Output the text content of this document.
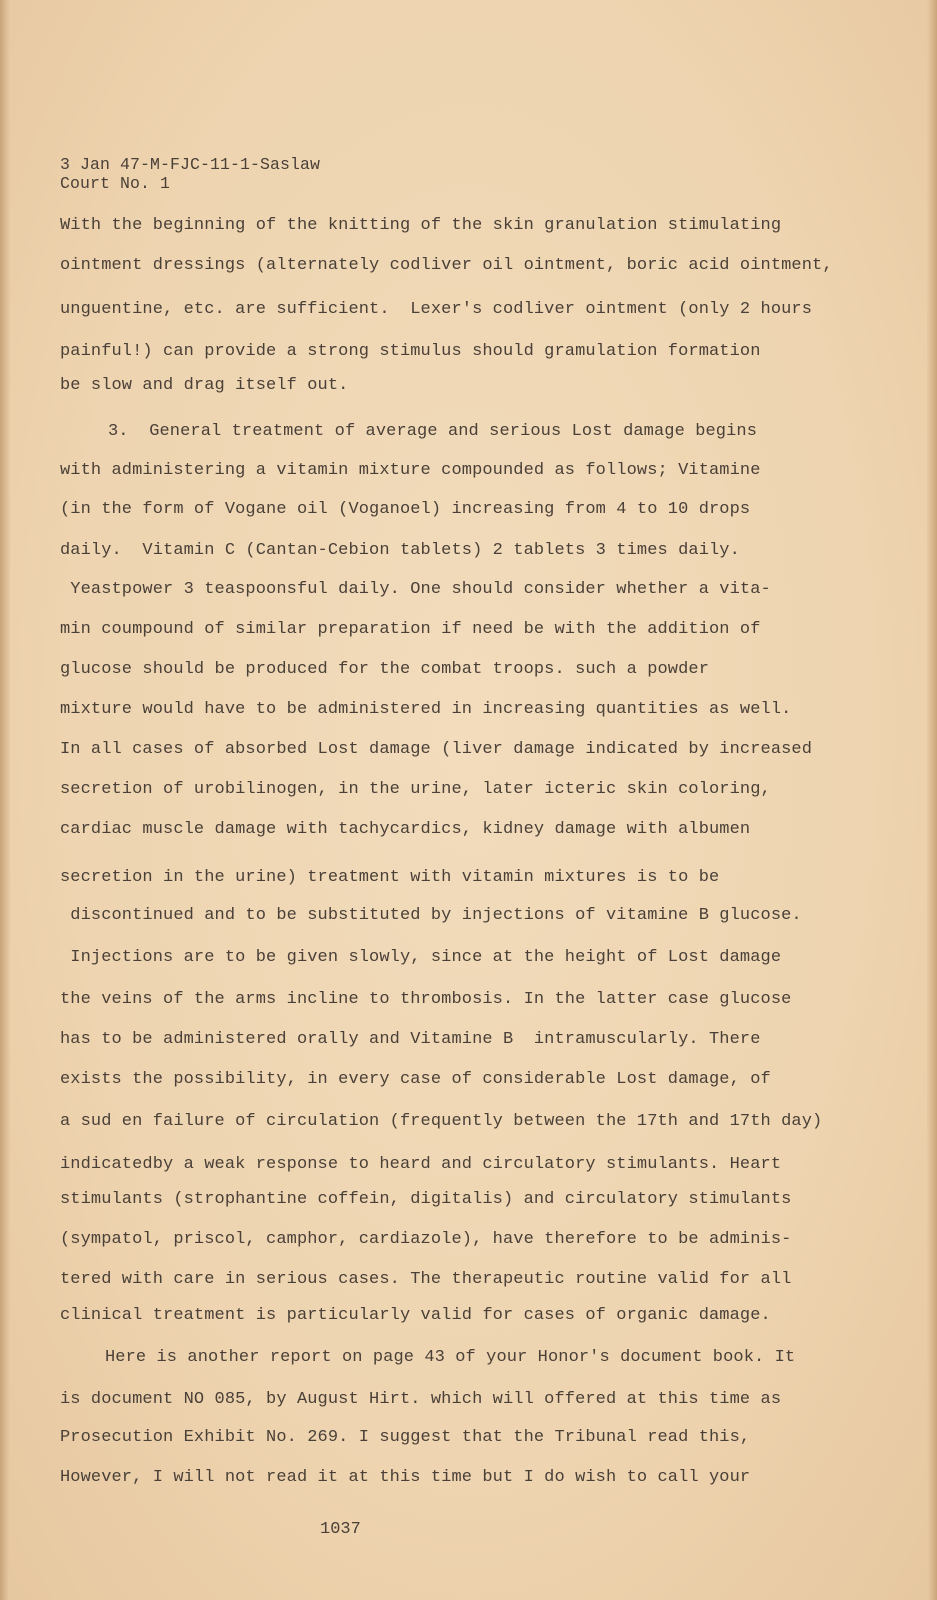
3 Jan 47-M-FJC-11-1-Saslaw
Court No. 1
With the beginning of the knitting of the skin granulation stimulating
ointment dressings (alternately codliver oil ointment, boric acid ointment,
unguentine, etc. are sufficient.  Lexer's codliver ointment (only 2 hours
painful!) can provide a strong stimulus should gramulation formation
be slow and drag itself out.
3.  General treatment of average and serious Lost damage begins
with administering a vitamin mixture compounded as follows; Vitamine
(in the form of Vogane oil (Voganoel) increasing from 4 to 10 drops
daily.  Vitamin C (Cantan-Cebion tablets) 2 tablets 3 times daily.
Yeastpower 3 teaspoonsful daily. One should consider whether a vita-
min coumpound of similar preparation if need be with the addition of
glucose should be produced for the combat troops. such a powder
mixture would have to be administered in increasing quantities as well.
In all cases of absorbed Lost damage (liver damage indicated by increased
secretion of urobilinogen, in the urine, later icteric skin coloring,
cardiac muscle damage with tachycardics, kidney damage with albumen
secretion in the urine) treatment with vitamin mixtures is to be
discontinued and to be substituted by injections of vitamine B glucose.
Injections are to be given slowly, since at the height of Lost damage
the veins of the arms incline to thrombosis. In the latter case glucose
has to be administered orally and Vitamine B  intramuscularly. There
exists the possibility, in every case of considerable Lost damage, of
a sud en failure of circulation (frequently between the 17th and 17th day)
indicatedby a weak response to heard and circulatory stimulants. Heart
stimulants (strophantine coffein, digitalis) and circulatory stimulants
(sympatol, priscol, camphor, cardiazole), have therefore to be adminis-
tered with care in serious cases. The therapeutic routine valid for all
clinical treatment is particularly valid for cases of organic damage.
Here is another report on page 43 of your Honor's document book. It
is document NO 085, by August Hirt. which will offered at this time as
Prosecution Exhibit No. 269. I suggest that the Tribunal read this,
However, I will not read it at this time but I do wish to call your
1037
